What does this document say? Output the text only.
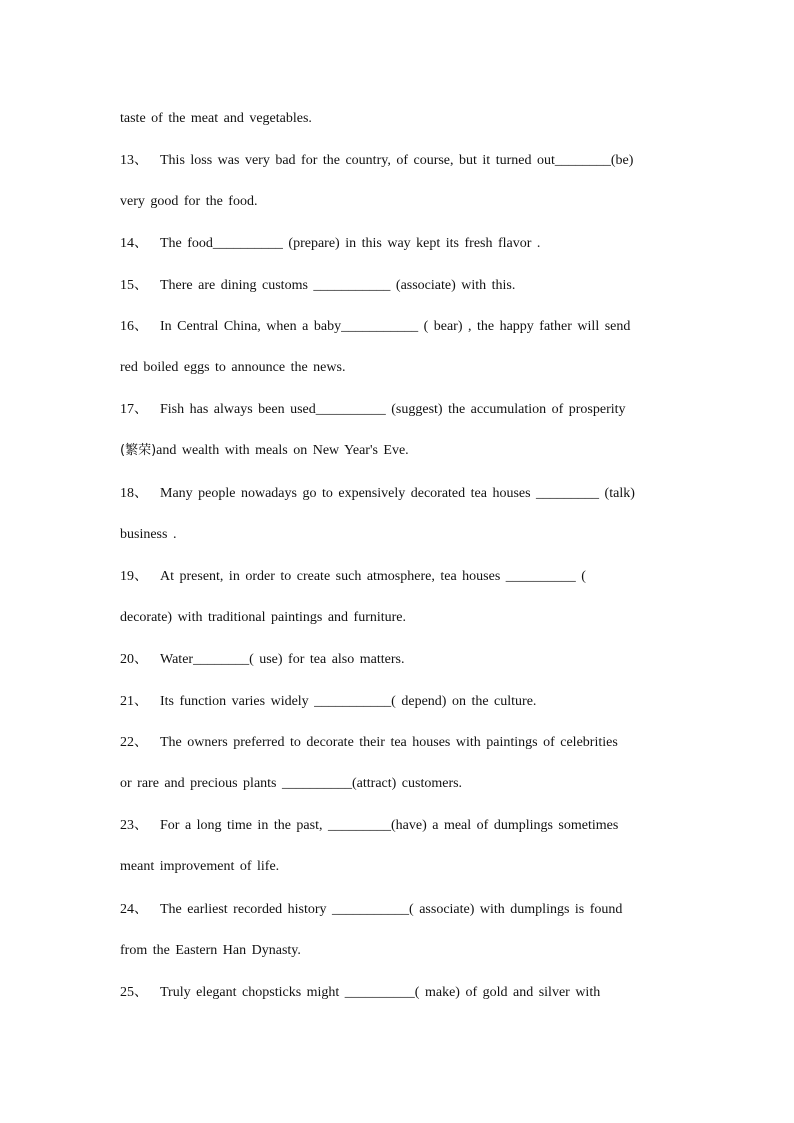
taste of the meat and vegetables.
13、 This loss was very bad for the country, of course, but it turned out________(be)
very good for the food.
14、 The food__________ (prepare) in this way kept its fresh flavor .
15、 There are dining customs ___________ (associate) with this.
16、 In Central China, when a baby___________ ( bear) , the happy father will send
red boiled eggs to announce the news.
17、 Fish has always been used__________ (suggest) the accumulation of prosperity
(繁荣)and wealth with meals on New Year's Eve.
18、 Many people nowadays go to expensively decorated tea houses _________ (talk)
business .
19、 At present, in order to create such atmosphere, tea houses __________ (
decorate) with traditional paintings and furniture.
20、 Water________( use) for tea also matters.
21、 Its function varies widely ___________( depend) on the culture.
22、 The owners preferred to decorate their tea houses with paintings of celebrities
or rare and precious plants __________(attract) customers.
23、 For a long time in the past, _________(have) a meal of dumplings sometimes
meant improvement of life.
24、 The earliest recorded history ___________( associate) with dumplings is found
from the Eastern Han Dynasty.
25、 Truly elegant chopsticks might __________( make) of gold and silver with
